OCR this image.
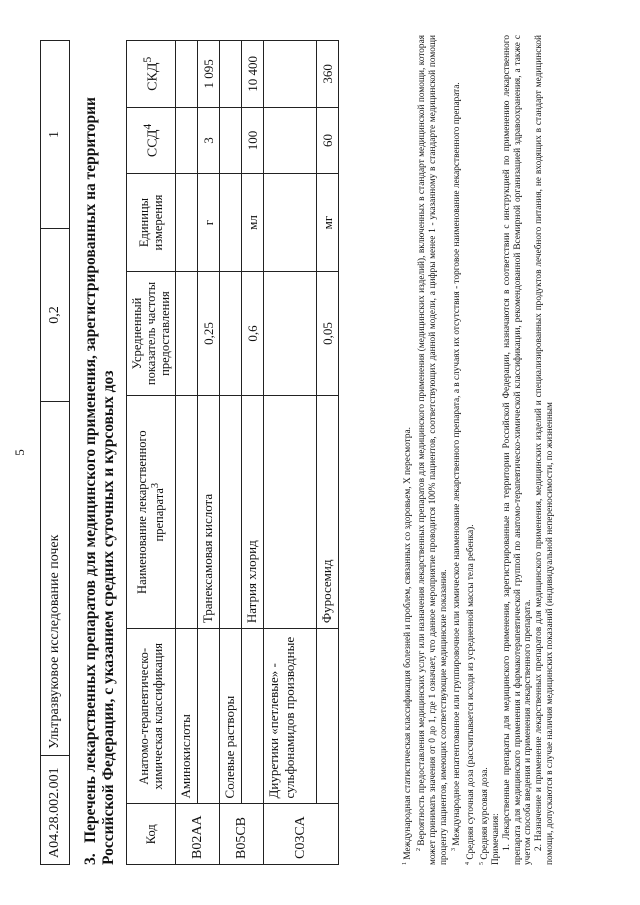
5
A04.28.002.001	Ультразвуковое исследование почек	0,2	1
3.Перечень лекарственных препаратов для медицинского применения, зарегистрированных на территории Российской Федерации, с указанием средних суточных и курсовых доз Код	Анатомо-терапевтическо-химическая классификация	Наименование лекарственного препарата$^3$	Усредненный показатель частоты предоставления	Единицы измерения	ССД$^4$	СКД$^5$
B02AA	Аминокислоты					
		Транексамовая кислота	0,25	г	3	1 095
B05CB	Солевые растворы					
		Натрия хлорид	0,6	мл	100	10 400
C03CA	Диуретики «петлевые» - сульфонамидов производные					
		Фуросемид	0,05	мг	60	360

$^1$ Международная статистическая классификация болезней и проблем, связанных со здоровьем, X пересмотра. $^2$ Вероятность предоставления медицинских услуг или назначения лекарственных препаратов для медицинского применения (медицинских изделий), включенных в стандарт медицинской помощи, которая может принимать значения от 0 до 1, где 1 означает, что данное мероприятие проводится 100% пациентов, соответствующих данной модели, а цифры менее 1 - указанному в стандарте медицинской помощи проценту пациентов, имеющих соответствующие медицинские показания. $^3$ Международное непатентованное или группировочное или химическое наименование лекарственного препарата, а в случаях их отсутствия - торговое наименование лекарственного препарата.

$^4$ Средняя суточная доза (рассчитывается исходя из усредненной массы тела ребенка).

$^5$ Средняя курсовая доза. Примечания: 1. Лекарственные препараты для медицинского применения, зарегистрированные на территории Российской Федерации, назначаются в соответствии с инструкцией по применению лекарственного препарата для медицинского применения и фармакотерапевтической группой по анатомо-терапевтическо-химической классификации, рекомендованной Всемирной организацией здравоохранения, а также с учетом способа введения и применения лекарственного препарата. 2. Назначение и применение лекарственных препаратов для медицинского применения, медицинских изделий и специализированных продуктов лечебного питания, не входящих в стандарт медицинской помощи, допускаются в случае наличия медицинских показаний (индивидуальной непереносимости, по жизненным
